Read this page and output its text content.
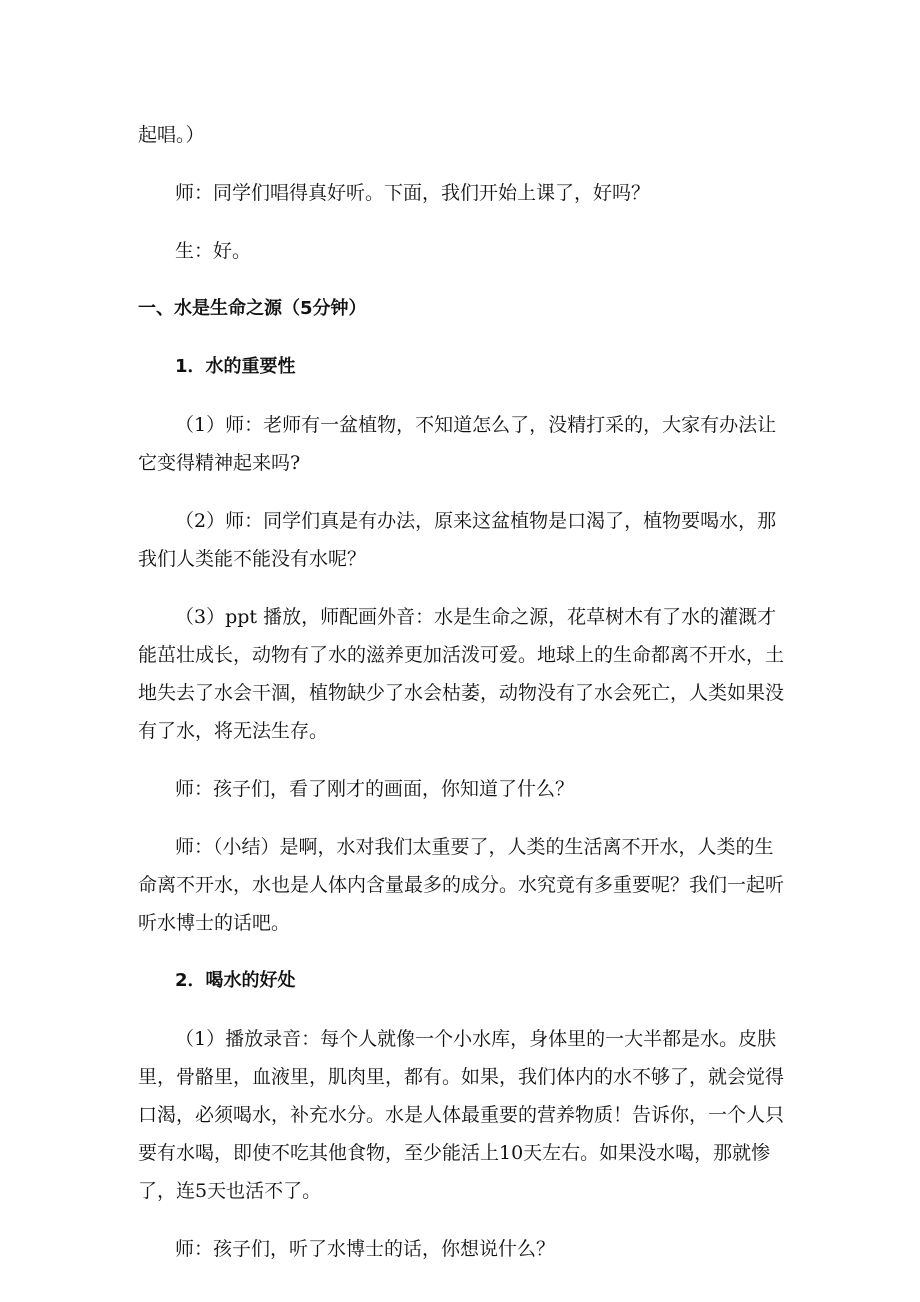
起唱。）

师：同学们唱得真好听。下面，我们开始上课了，好吗？

生：好。

一、水是生命之源（5分钟）

1．水的重要性

（1）师：老师有一盆植物，不知道怎么了，没精打采的，大家有办法让它变得精神起来吗?

（2）师：同学们真是有办法，原来这盆植物是口渴了，植物要喝水，那我们人类能不能没有水呢？

（3）ppt 播放，师配画外音：水是生命之源，花草树木有了水的灌溉才能茁壮成长，动物有了水的滋养更加活泼可爱。地球上的生命都离不开水，土地失去了水会干涸，植物缺少了水会枯萎，动物没有了水会死亡，人类如果没有了水，将无法生存。

师：孩子们，看了刚才的画面，你知道了什么？

师：（小结）是啊，水对我们太重要了，人类的生活离不开水，人类的生命离不开水，水也是人体内含量最多的成分。水究竟有多重要呢？我们一起听听水博士的话吧。

2．喝水的好处

（1）播放录音：每个人就像一个小水库，身体里的一大半都是水。皮肤里，骨骼里，血液里，肌肉里，都有。如果，我们体内的水不够了，就会觉得口渴，必须喝水，补充水分。水是人体最重要的营养物质！告诉你，一个人只要有水喝，即使不吃其他食物，至少能活上10天左右。如果没水喝，那就惨了，连5天也活不了。

师：孩子们，听了水博士的话，你想说什么？
